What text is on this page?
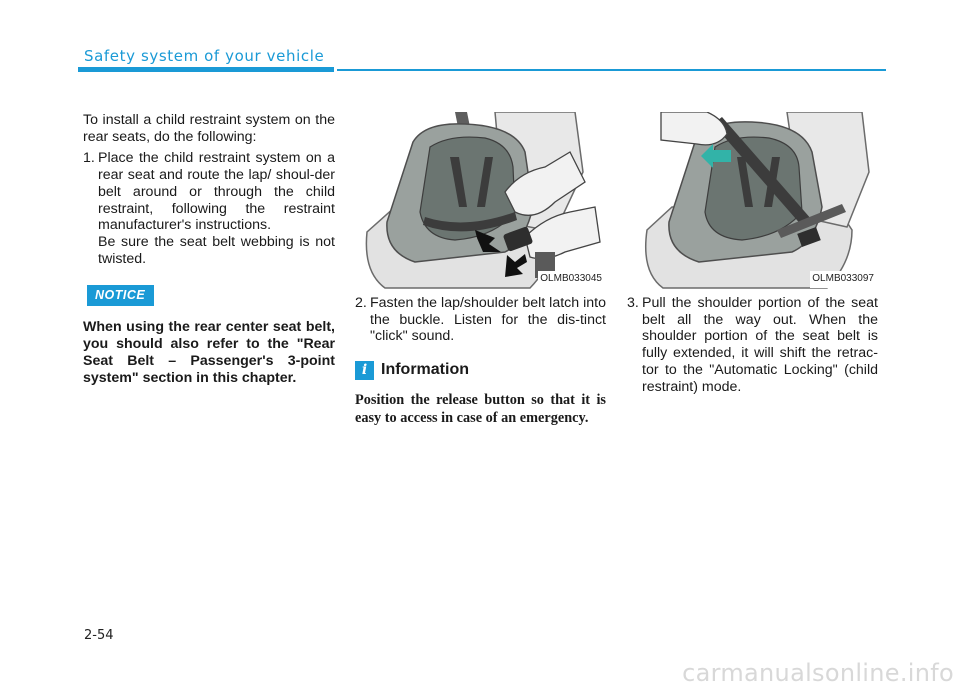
Safety system of your vehicle

To install a child restraint system on the rear seats, do the following:

1. Place the child restraint system on a rear seat and route the lap/ shoul-der belt around or through the child restraint, following the restraint manufacturer's instructions.

Be sure the seat belt webbing is not twisted.

NOTICE

When using the rear center seat belt, you should also refer to the "Rear Seat Belt – Passenger's 3-point system" section in this chapter.

OLMB033045
2. Fasten the lap/shoulder belt latch into the buckle. Listen for the dis-tinct "click" sound.

i Information

Position the release button so that it is easy to access in case of an emergency.

OLMB033097
3. Pull the shoulder portion of the seat belt all the way out. When the shoulder portion of the seat belt is fully extended, it will shift the retrac-tor to the "Automatic Locking" (child restraint) mode.

2-54
carmanualsonline.info
